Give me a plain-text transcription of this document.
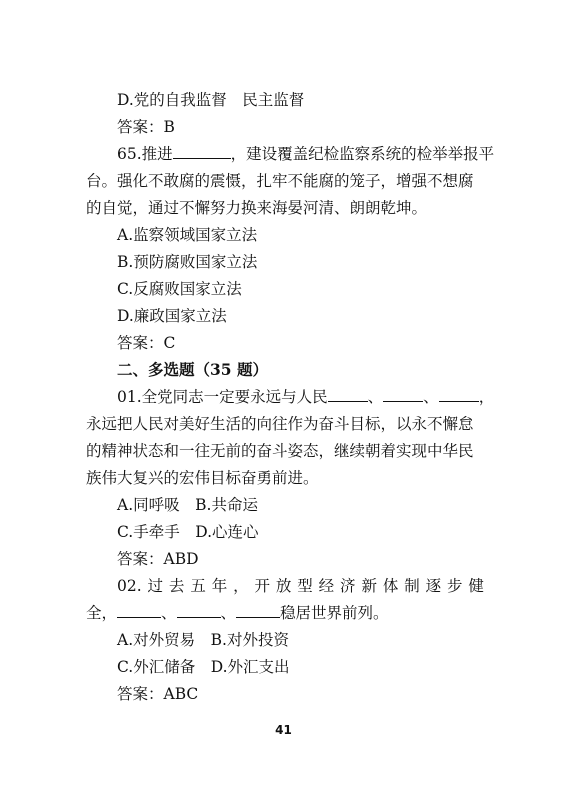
D.党的自我监督　民主监督
答案：B
65.推进	，建设覆盖纪检监察系统的检举举报平
台。强化不敢腐的震慑，扎牢不能腐的笼子，增强不想腐
的自觉，通过不懈努力换来海晏河清、朗朗乾坤。
A.监察领域国家立法
B.预防腐败国家立法
C.反腐败国家立法
D.廉政国家立法
答案：C
二、多选题（35 题）
01.全党同志一定要永远与人民	、	、	，
永远把人民对美好生活的向往作为奋斗目标，以永不懈怠
的精神状态和一往无前的奋斗姿态，继续朝着实现中华民
族伟大复兴的宏伟目标奋勇前进。
A.同呼吸　B.共命运
C.手牵手　D.心连心
答案：ABD
02. 过 去 五 年 ， 开 放 型 经 济 新 体 制 逐 步 健
全，	、	、	稳居世界前列。
A.对外贸易　B.对外投资
C.外汇储备　D.外汇支出
答案：ABC
41
